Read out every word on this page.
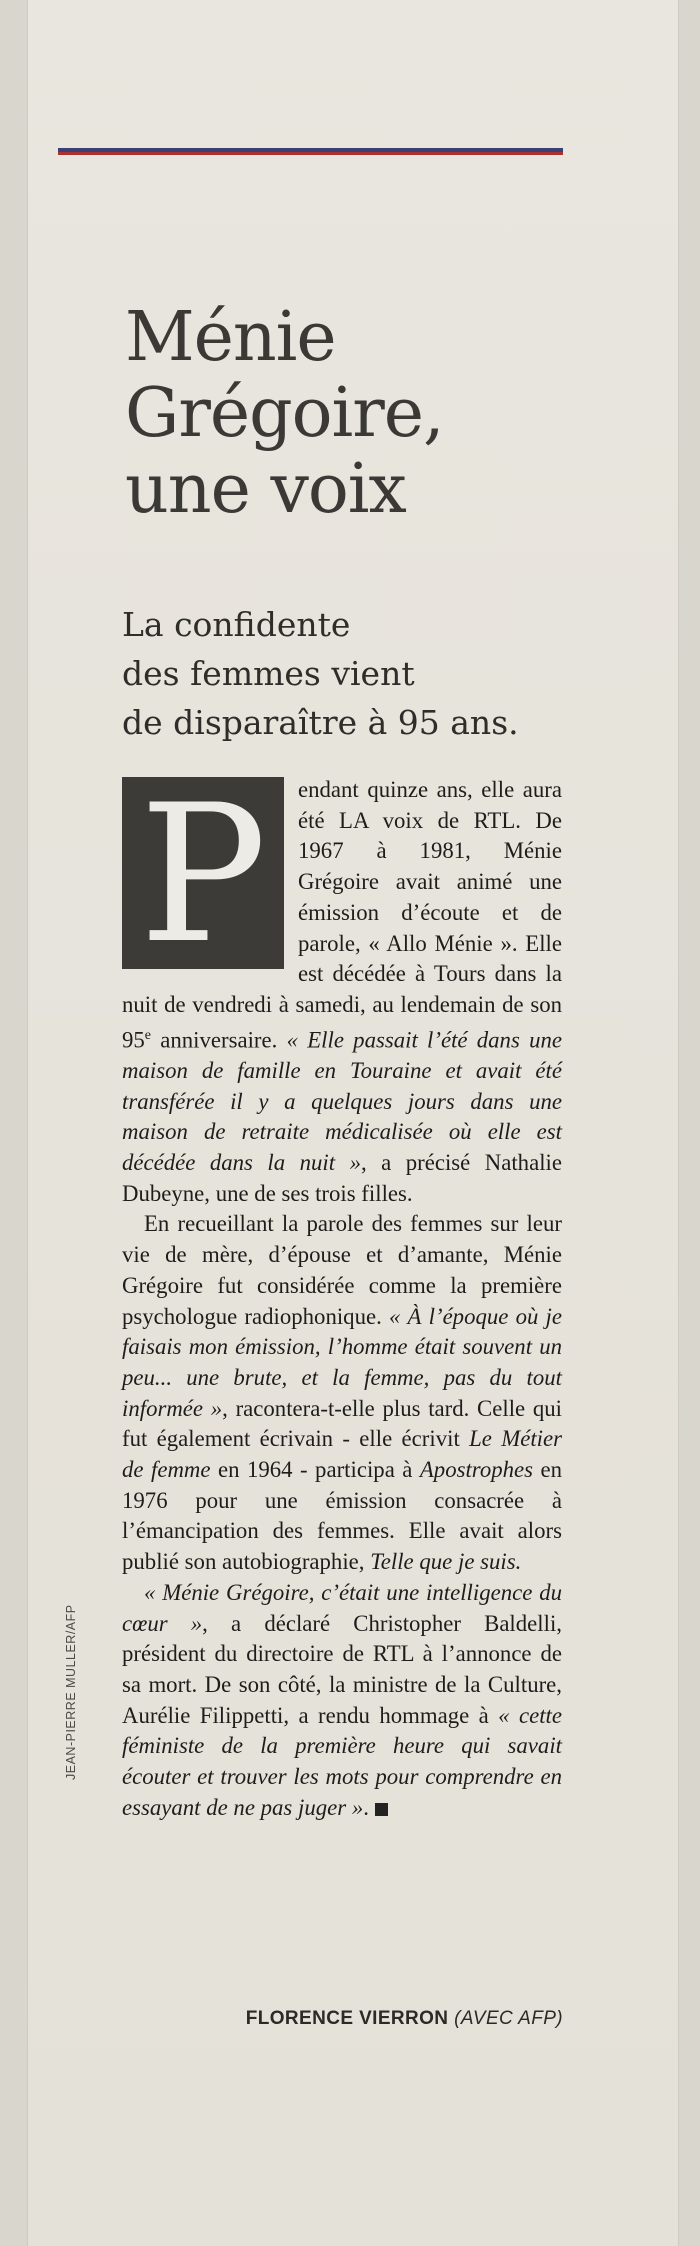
Ménie
Grégoire,
une voix
La confidente
des femmes vient
de disparaître à 95 ans.

P	endant quinze ans, elle aura été LA voix de RTL. De 1967 à 1981, Ménie Grégoire avait animé une émission d’écoute et de parole, « Allo Ménie ». Elle est décédée à Tours dans la nuit de vendredi à samedi, au lendemain de son 95e anniversaire. « Elle passait l’été dans une maison de famille en Touraine et avait été transférée il y a quelques jours dans une maison de retraite médicalisée où elle est décédée dans la nuit », a précisé Nathalie Dubeyne, une de ses trois filles.

En recueillant la parole des femmes sur leur vie de mère, d’épouse et d’amante, Ménie Grégoire fut considérée comme la première psychologue radiophonique. « À l’époque où je faisais mon émission, l’homme était souvent un peu... une brute, et la femme, pas du tout informée », racontera-t-elle plus tard. Celle qui fut également écrivain - elle écrivit Le Métier de femme en 1964 - participa à Apostrophes en 1976 pour une émission consacrée à l’émancipation des femmes. Elle avait alors publié son autobiographie, Telle que je suis.

« Ménie Grégoire, c’était une intelligence du cœur », a déclaré Christopher Baldelli, président du directoire de RTL à l’annonce de sa mort. De son côté, la ministre de la Culture, Aurélie Filippetti, a rendu hommage à « cette féministe de la première heure qui savait écouter et trouver les mots pour comprendre en essayant de ne pas juger ».

FLORENCE VIERRON (AVEC AFP)
JEAN-PIERRE MULLER/AFP
